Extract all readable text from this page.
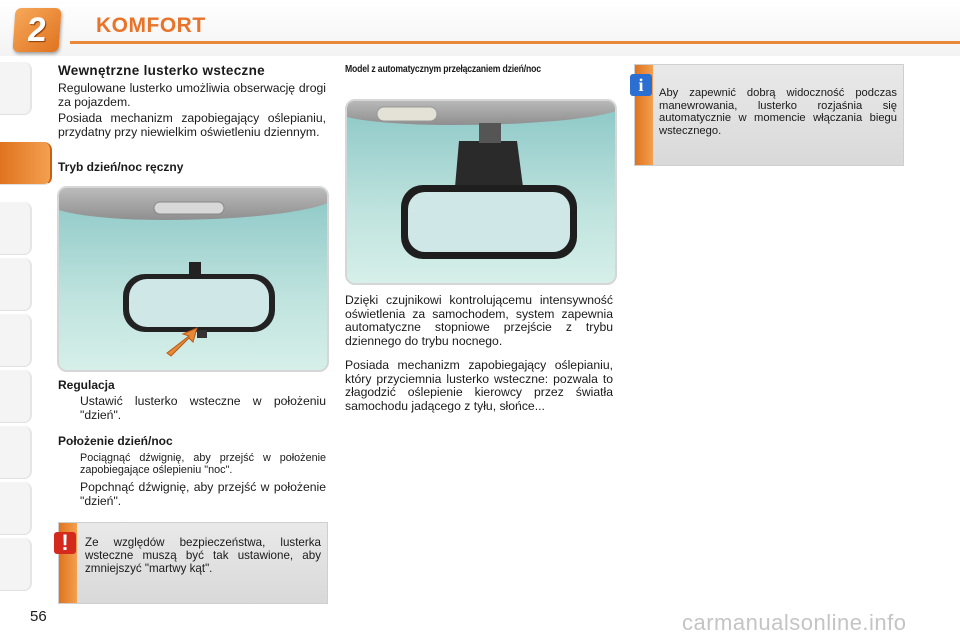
2	KOMFORT
Wewnętrzne lusterko wsteczne
Regulowane lusterko umożliwia obserwację drogi za pojazdem.
Posiada mechanizm zapobiegający oślepianiu, przydatny przy niewielkim oświetleniu dziennym.
Tryb dzień/noc ręczny
Regulacja
Ustawić lusterko wsteczne w położeniu "dzień".
Położenie dzień/noc
Pociągnąć dźwignię, aby przejść w położenie zapobiegające oślepieniu "noc".
Popchnąć dźwignię, aby przejść w położenie "dzień".
Ze względów bezpieczeństwa, lusterka wsteczne muszą być tak ustawione, aby zmniejszyć "martwy kąt".
!
Model z automatycznym przełączaniem dzień/noc
Dzięki czujnikowi kontrolującemu intensywność oświetlenia za samochodem, system zapewnia automatyczne stopniowe przejście z trybu dziennego do trybu nocnego.
Posiada mechanizm zapobiegający oślepianiu, który przyciemnia lusterko wsteczne: pozwala to złagodzić oślepienie kierowcy przez światła samochodu jadącego z tyłu, słońce...
Aby zapewnić dobrą widoczność podczas manewrowania, lusterko rozjaśnia się automatycznie w momencie włączania biegu wstecznego.
i
56	carmanualsonline.info
